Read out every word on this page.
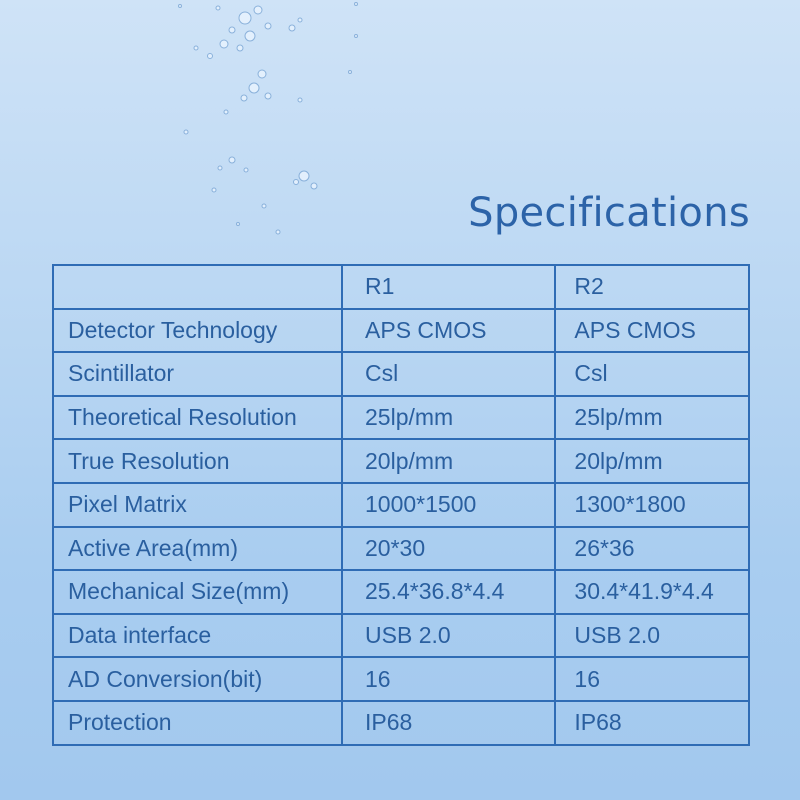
Specifications
	R1	R2
Detector Technology	APS CMOS	APS CMOS
Scintillator	Csl	Csl
Theoretical Resolution	25lp/mm	25lp/mm
True Resolution	20lp/mm	20lp/mm
Pixel Matrix	1000*1500	1300*1800
Active Area(mm)	20*30	26*36
Mechanical Size(mm)	25.4*36.8*4.4	30.4*41.9*4.4
Data interface	USB 2.0	USB 2.0
AD Conversion(bit)	16	16
Protection	IP68	IP68
